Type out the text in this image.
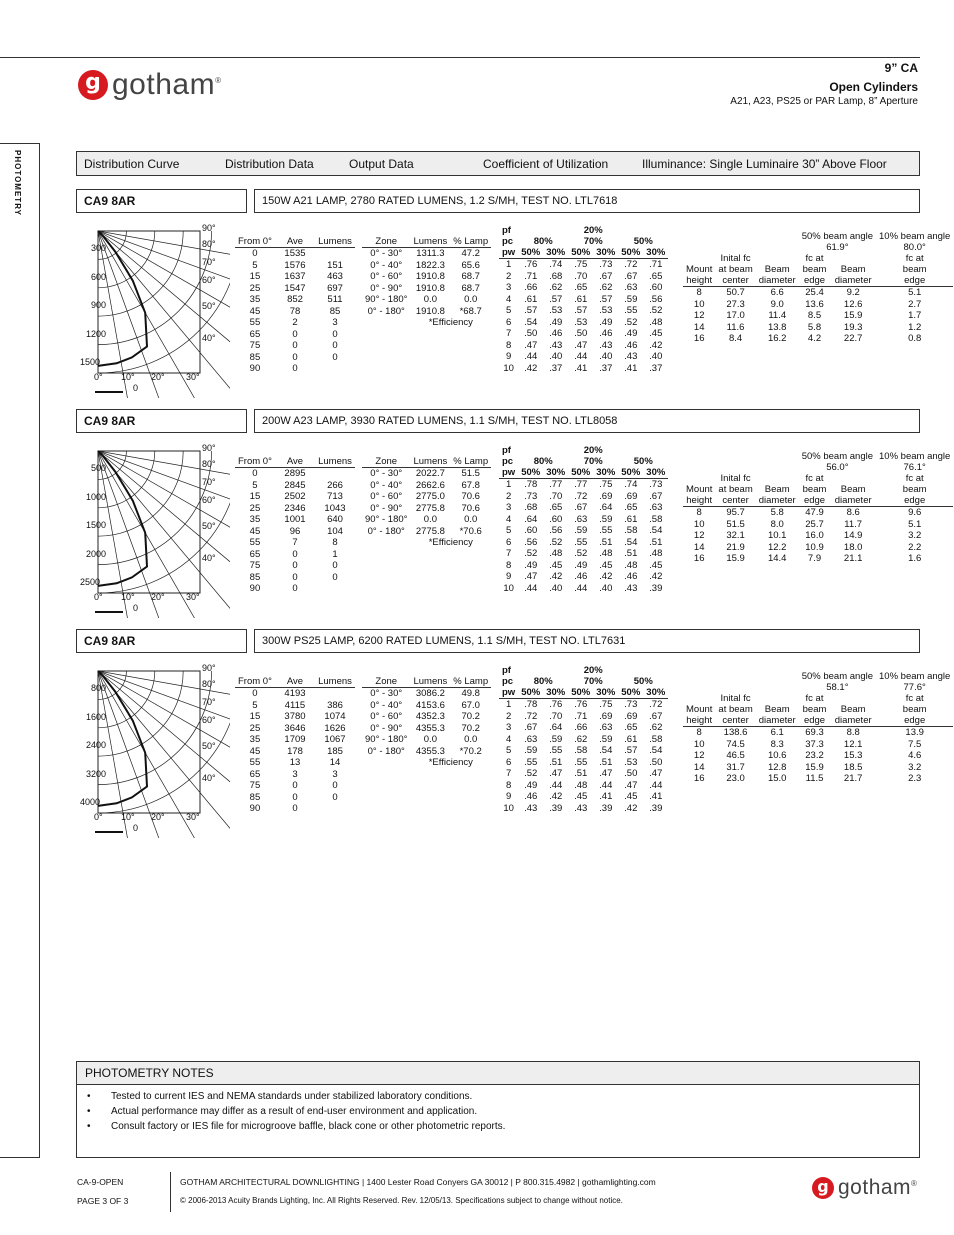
g gotham®
9” CA
Open Cylinders
A21, A23, PS25 or PAR Lamp, 8” Aperture
PHOTOMETRY	Distribution Curve	Distribution Data	Output Data	Coefficient of Utilization	Illuminance: Single Luminaire 30” Above Floor
CA9 8AR	150W A21 LAMP, 2780 RATED LUMENS, 1.2 S/MH, TEST NO. LTL7618
300
600
900
1200
1500
90°
80°
70°
60°
50°
40°
0° 10° 20° 30°
0
From 0°	Ave	Lumens
0	1535	
5	1576	151
15	1637	463
25	1547	697
35	852	511
45	78	85
55	2	3
65	0	0
75	0	0
85	0	0
90	0	
Zone	Lumens	% Lamp
0° - 30°	1311.3	47.2
0° - 40°	1822.3	65.6
0° - 60°	1910.8	68.7
0° - 90°	1910.8	68.7
90° - 180°	0.0	0.0
0° - 180°	1910.8	*68.7
	*Efficiency	
pf	20%					
pc	80%		70%		50%	
pw	50%	30%	50%	30%	50%	30%
1	.76	.74	.75	.73	.72	.71
2	.71	.68	.70	.67	.67	.65
3	.66	.62	.65	.62	.63	.60
4	.61	.57	.61	.57	.59	.56
5	.57	.53	.57	.53	.55	.52
6	.54	.49	.53	.49	.52	.48
7	.50	.46	.50	.46	.49	.45
8	.47	.43	.47	.43	.46	.42
9	.44	.40	.44	.40	.43	.40
10	.42	.37	.41	.37	.41	.37
			50% beam angle		10% beam angle
			61.9°		80.0°
	Inital fc		fc at		fc at
Mount	at beam	Beam	beam	Beam	beam
height	center	diameter	edge	diameter	edge
8	50.7	6.6	25.4	9.2	5.1
10	27.3	9.0	13.6	12.6	2.7
12	17.0	11.4	8.5	15.9	1.7
14	11.6	13.8	5.8	19.3	1.2
16	8.4	16.2	4.2	22.7	0.8
CA9 8AR	200W A23 LAMP, 3930 RATED LUMENS, 1.1 S/MH, TEST NO. LTL8058
500
1000
1500
2000
2500
90°
80°
70°
60°
50°
40°
0° 10° 20° 30°
0
From 0°	Ave	Lumens
0	2895	
5	2845	266
15	2502	713
25	2346	1043
35	1001	640
45	96	104
55	7	8
65	0	1
75	0	0
85	0	0
90	0	
Zone	Lumens	% Lamp
0° - 30°	2022.7	51.5
0° - 40°	2662.6	67.8
0° - 60°	2775.0	70.6
0° - 90°	2775.8	70.6
90° - 180°	0.0	0.0
0° - 180°	2775.8	*70.6
	*Efficiency	
pf	20%					
pc	80%		70%		50%	
pw	50%	30%	50%	30%	50%	30%
1	.78	.77	.77	.75	.74	.73
2	.73	.70	.72	.69	.69	.67
3	.68	.65	.67	.64	.65	.63
4	.64	.60	.63	.59	.61	.58
5	.60	.56	.59	.55	.58	.54
6	.56	.52	.55	.51	.54	.51
7	.52	.48	.52	.48	.51	.48
8	.49	.45	.49	.45	.48	.45
9	.47	.42	.46	.42	.46	.42
10	.44	.40	.44	.40	.43	.39
			50% beam angle		10% beam angle
			56.0°		76.1°
	Inital fc		fc at		fc at
Mount	at beam	Beam	beam	Beam	beam
height	center	diameter	edge	diameter	edge
8	95.7	5.8	47.9	8.6	9.6
10	51.5	8.0	25.7	11.7	5.1
12	32.1	10.1	16.0	14.9	3.2
14	21.9	12.2	10.9	18.0	2.2
16	15.9	14.4	7.9	21.1	1.6
CA9 8AR	300W PS25 LAMP, 6200 RATED LUMENS, 1.1 S/MH, TEST NO. LTL7631
800
1600
2400
3200
4000
90°
80°
70°
60°
50°
40°
0° 10° 20° 30°
0
From 0°	Ave	Lumens
0	4193	
5	4115	386
15	3780	1074
25	3646	1626
35	1709	1067
45	178	185
55	13	14
65	3	3
75	0	0
85	0	0
90	0	
Zone	Lumens	% Lamp
0° - 30°	3086.2	49.8
0° - 40°	4153.6	67.0
0° - 60°	4352.3	70.2
0° - 90°	4355.3	70.2
90° - 180°	0.0	0.0
0° - 180°	4355.3	*70.2
	*Efficiency	
pf	20%					
pc	80%		70%		50%	
pw	50%	30%	50%	30%	50%	30%
1	.78	.76	.76	.75	.73	.72
2	.72	.70	.71	.69	.69	.67
3	.67	.64	.66	.63	.65	.62
4	.63	.59	.62	.59	.61	.58
5	.59	.55	.58	.54	.57	.54
6	.55	.51	.55	.51	.53	.50
7	.52	.47	.51	.47	.50	.47
8	.49	.44	.48	.44	.47	.44
9	.46	.42	.45	.41	.45	.41
10	.43	.39	.43	.39	.42	.39
			50% beam angle		10% beam angle
			58.1°		77.6°
	Inital fc		fc at		fc at
Mount	at beam	Beam	beam	Beam	beam
height	center	diameter	edge	diameter	edge
8	138.6	6.1	69.3	8.8	13.9
10	74.5	8.3	37.3	12.1	7.5
12	46.5	10.6	23.2	15.3	4.6
14	31.7	12.8	15.9	18.5	3.2
16	23.0	15.0	11.5	21.7	2.3
PHOTOMETRY NOTES
• Tested to current IES and NEMA standards under stabilized laboratory conditions.
• Actual performance may differ as a result of end-user environment and application.
• Consult factory or IES file for microgroove baffle, black cone or other photometric reports.
CA-9-OPEN
PAGE 3 OF 3
GOTHAM ARCHITECTURAL DOWNLIGHTING | 1400 Lester Road Conyers GA 30012 | P 800.315.4982 | gothamlighting.com
© 2006-2013 Acuity Brands Lighting, Inc. All Rights Reserved. Rev. 12/05/13. Specifications subject to change without notice.
g gotham®
